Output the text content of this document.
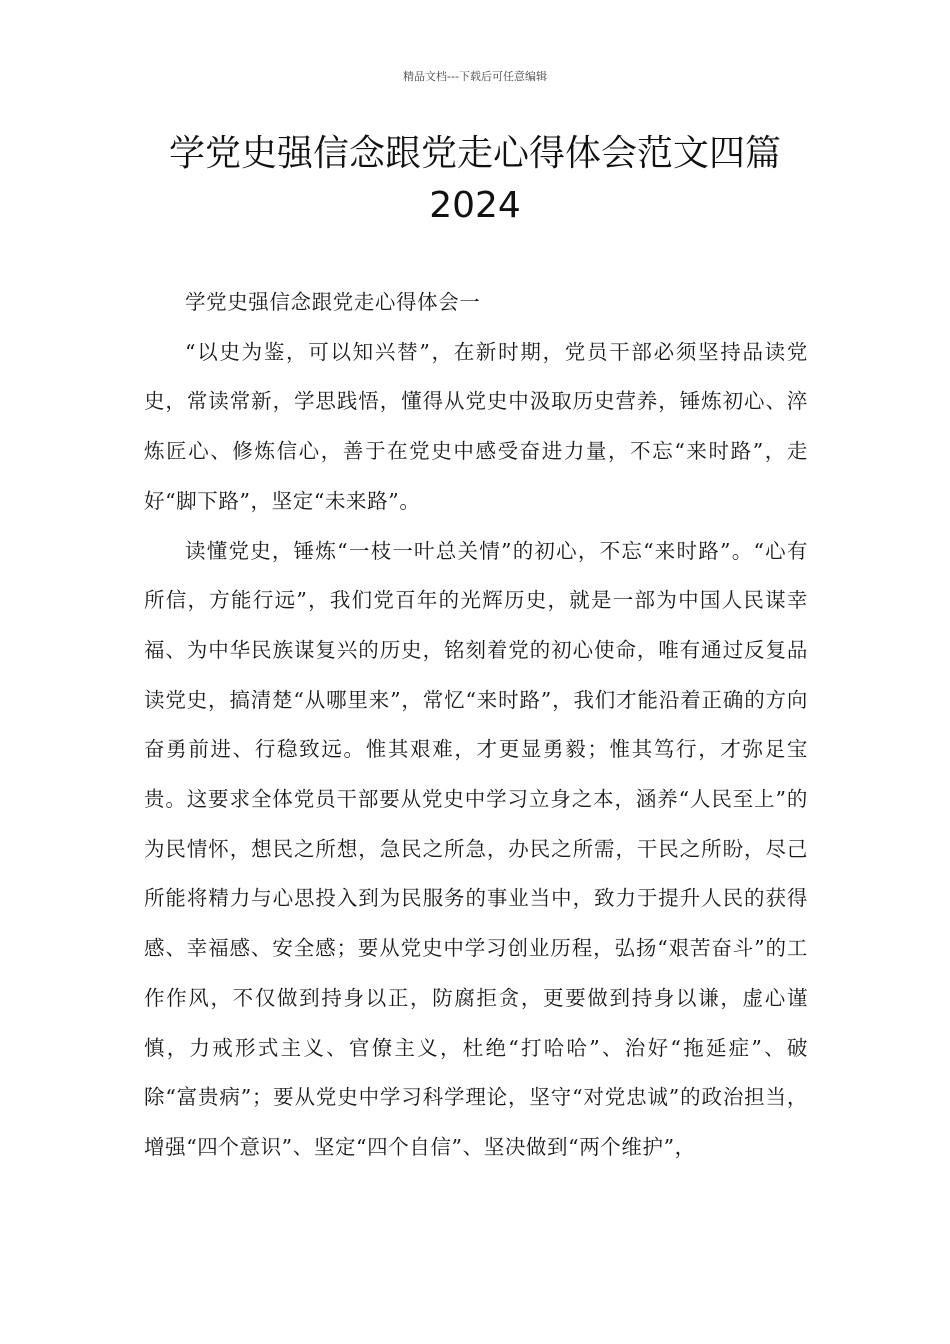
精品文档---下载后可任意编辑
学党史强信念跟党走心得体会范文四篇
2024

学党史强信念跟党走心得体会一

“以史为鉴，可以知兴替”，在新时期，党员干部必须坚持品读党史，常读常新，学思践悟，懂得从党史中汲取历史营养，锤炼初心、淬炼匠心、修炼信心，善于在党史中感受奋进力量，不忘“来时路”，走好“脚下路”，坚定“未来路”。

读懂党史，锤炼“一枝一叶总关情”的初心，不忘“来时路”。“心有所信，方能行远”，我们党百年的光辉历史，就是一部为中国人民谋幸福、为中华民族谋复兴的历史，铭刻着党的初心使命，唯有通过反复品读党史，搞清楚“从哪里来”，常忆“来时路”，我们才能沿着正确的方向奋勇前进、行稳致远。惟其艰难，才更显勇毅；惟其笃行，才弥足宝贵。这要求全体党员干部要从党史中学习立身之本，涵养“人民至上”的为民情怀，想民之所想，急民之所急，办民之所需，干民之所盼，尽己所能将精力与心思投入到为民服务的事业当中，致力于提升人民的获得感、幸福感、安全感；要从党史中学习创业历程，弘扬“艰苦奋斗”的工作作风，不仅做到持身以正，防腐拒贪，更要做到持身以谦，虚心谨慎，力戒形式主义、官僚主义，杜绝“打哈哈”、治好“拖延症”、破除“富贵病”；要从党史中学习科学理论，坚守“对党忠诚”的政治担当，增强“四个意识”、坚定“四个自信”、坚决做到“两个维护”，
